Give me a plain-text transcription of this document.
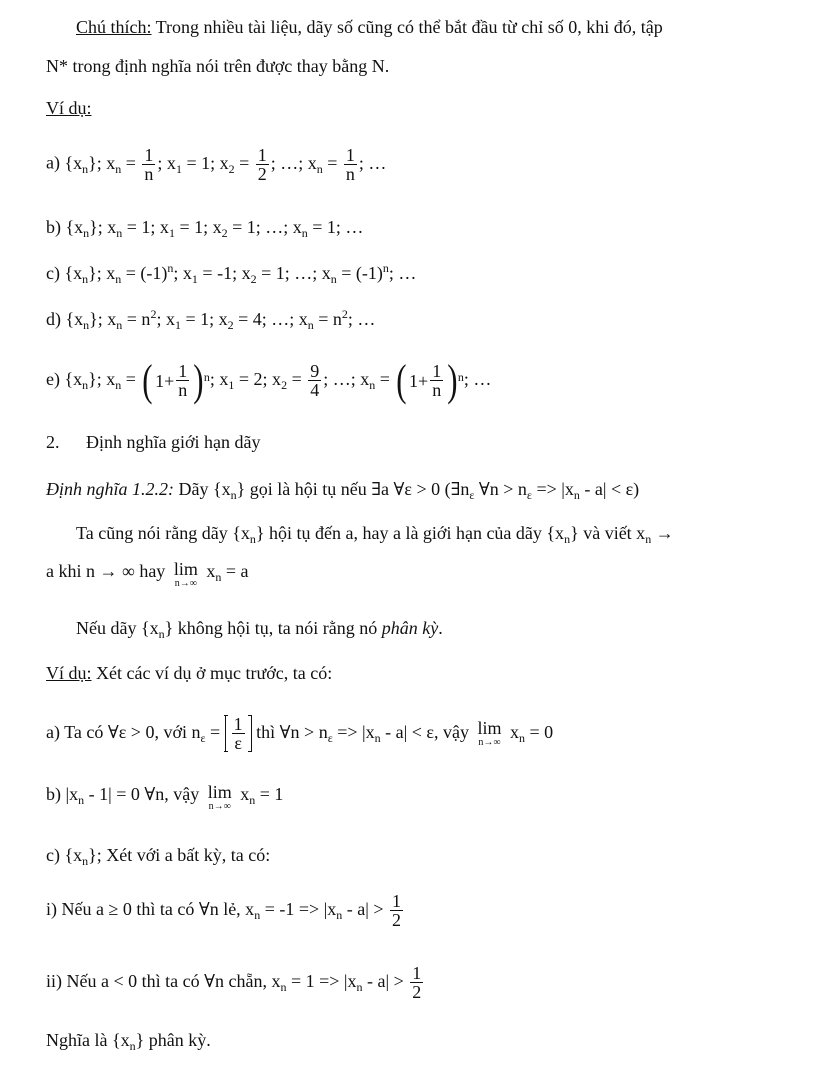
Chú thích: Trong nhiều tài liệu, dãy số cũng có thể bắt đầu từ chỉ số 0, khi đó, tập
N* trong định nghĩa nói trên được thay bằng N.
Ví dụ:
a) $\{x_n\}$; $x_n = \frac{1}{n}$ ; $x_1 = 1$; $x_2 = \frac{1}{2}$ ; …; $x_n = \frac{1}{n}$ ; …
b) $\{x_n\}$; $x_n = 1$; $x_1 = 1$; $x_2 = 1$; …; $x_n = 1$; …
c) $\{x_n\}$; $x_n = (-1)^n$; $x_1 = -1$; $x_2 = 1$; …; $x_n = (-1)^n$; …
d) $\{x_n\}$; $x_n = n^2$; $x_1 = 1$; $x_2 = 4$; …; $x_n = n^2$; …
e) $\{x_n\}$; $x_n$ = ( $1+ \frac{1}{n}$ ) n ; $x_1 = 2$; $x_2 = \frac{9}{4}$ ; …; $x_n$ = ( $1+ \frac{1}{n}$ ) n ; …
2. Định nghĩa giới hạn dãy
Định nghĩa 1.2.2: Dãy $\{x_n\}$ gọi là hội tụ nếu ∃a ∀ε > 0 ($\exists n_\varepsilon$ ∀n > $n_\varepsilon => |x_n - a| < \varepsilon$)
Ta cũng nói rằng dãy $\{x_n\}$ hội tụ đến a, hay a là giới hạn của dãy $\{x_n\}$ và viết $x_n$ →
a khi n → ∞ hay lim
n→∞
$x_n = a$
Nếu dãy $\{x_n\}$ không hội tụ, ta nói rằng nó phân kỳ.
Ví dụ: Xét các ví dụ ở mục trước, ta có:
a) Ta có ∀ε > 0, với $n_\varepsilon = \frac{1}{\varepsilon}$ thì ∀n > $n_\varepsilon => |x_n - a| < \varepsilon$, vậy lim
n→∞
$x_n = 0$
b) $|x_n - 1| = 0$ ∀n, vậy lim
n→∞
$x_n = 1$
c) $\{x_n\}$; Xét với a bất kỳ, ta có:
i) Nếu a ≥ 0 thì ta có ∀n lẻ, $x_n = -1 => |x_n - a| > \frac{1}{2}$
ii) Nếu a < 0 thì ta có ∀n chẵn, $x_n = 1 => |x_n - a| > \frac{1}{2}$
Nghĩa là $\{x_n\}$ phân kỳ.
